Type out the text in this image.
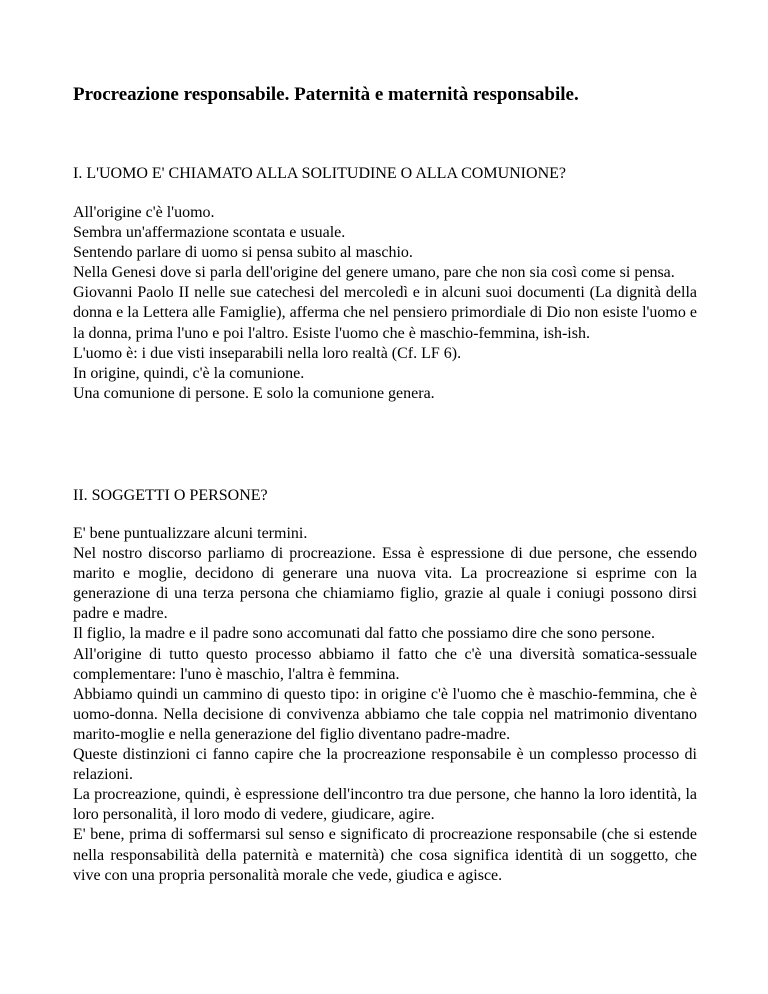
Procreazione responsabile. Paternità e maternità responsabile.
I. L'UOMO E' CHIAMATO ALLA SOLITUDINE O ALLA COMUNIONE?

All'origine c'è l'uomo.

Sembra un'affermazione scontata e usuale.

Sentendo parlare di uomo si pensa subito al maschio.

Nella Genesi dove si parla dell'origine del genere umano, pare che non sia così come si pensa.

Giovanni Paolo II nelle sue catechesi del mercoledì e in alcuni suoi documenti (La dignità della donna e la Lettera alle Famiglie), afferma che nel pensiero primordiale di Dio non esiste l'uomo e la donna, prima l'uno e poi l'altro. Esiste l'uomo che è maschio-femmina, ish-ish.

L'uomo è: i due visti inseparabili nella loro realtà (Cf. LF 6).

In origine, quindi, c'è la comunione.

Una comunione di persone. E solo la comunione genera.

II. SOGGETTI O PERSONE?

E' bene puntualizzare alcuni termini.

Nel nostro discorso parliamo di procreazione. Essa è espressione di due persone, che essendo marito e moglie, decidono di generare una nuova vita. La procreazione si esprime con la generazione di una terza persona che chiamiamo figlio, grazie al quale i coniugi possono dirsi padre e madre.

Il figlio, la madre e il padre sono accomunati dal fatto che possiamo dire che sono persone.

All'origine di tutto questo processo abbiamo il fatto che c'è una diversità somatica-sessuale complementare: l'uno è maschio, l'altra è femmina.

Abbiamo quindi un cammino di questo tipo: in origine c'è l'uomo che è maschio-femmina, che è uomo-donna. Nella decisione di convivenza abbiamo che tale coppia nel matrimonio diventano marito-moglie e nella generazione del figlio diventano padre-madre.

Queste distinzioni ci fanno capire che la procreazione responsabile è un complesso processo di relazioni.

La procreazione, quindi, è espressione dell'incontro tra due persone, che hanno la loro identità, la loro personalità, il loro modo di vedere, giudicare, agire.

E' bene, prima di soffermarsi sul senso e significato di procreazione responsabile (che si estende nella responsabilità della paternità e maternità) che cosa significa identità di un soggetto, che vive con una propria personalità morale che vede, giudica e agisce.
